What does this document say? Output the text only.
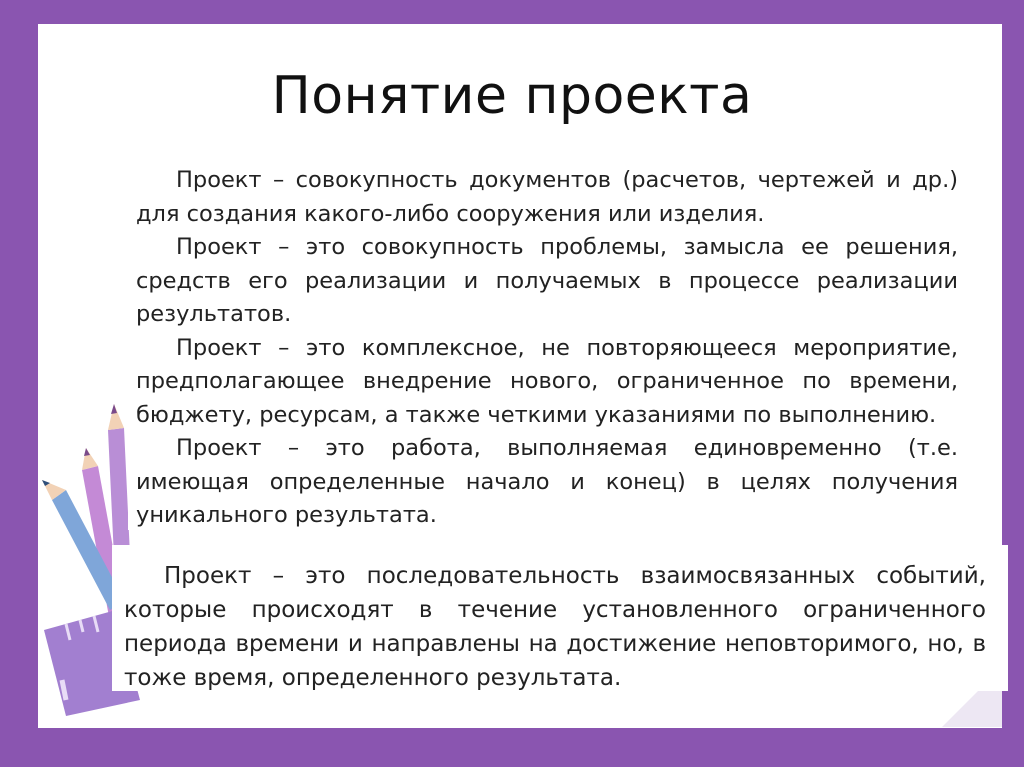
Понятие проекта

Проект – совокупность документов (расчетов, чертежей и др.) для создания какого-либо сооружения или изделия.

Проект – это совокупность проблемы, замысла ее решения, средств его реализации и получаемых в процессе реализации результатов.

Проект – это комплексное, не повторяющееся мероприятие, предполагающее внедрение нового, ограниченное по времени, бюджету, ресурсам, а также четкими указаниями по выполнению.

Проект – это работа, выполняемая единовременно (т.е. имеющая определенные начало и конец) в целях получения уникального результата.

Проект – это последовательность взаимосвязанных событий, которые происходят в течение установленного ограниченного периода времени и направлены на достижение неповторимого, но, в тоже время, определенного результата.
